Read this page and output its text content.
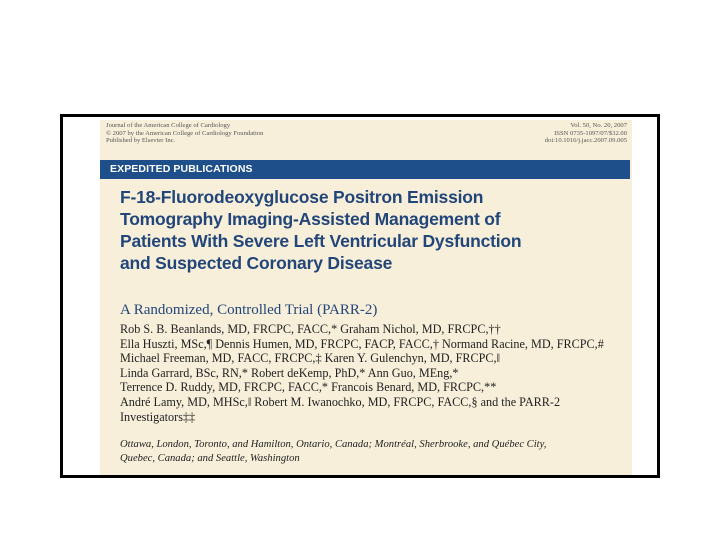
Journal of the American College of Cardiology
© 2007 by the American College of Cardiology Foundation
Published by Elsevier Inc.
Vol. 50, No. 20, 2007
ISSN 0735-1097/07/$32.00
doi:10.1016/j.jacc.2007.09.005
EXPEDITED PUBLICATIONS
F-18-Fluorodeoxyglucose Positron Emission
Tomography Imaging-Assisted Management of
Patients With Severe Left Ventricular Dysfunction
and Suspected Coronary Disease
A Randomized, Controlled Trial (PARR-2)
Rob S. B. Beanlands, MD, FRCPC, FACC,* Graham Nichol, MD, FRCPC,††
Ella Huszti, MSc,¶ Dennis Humen, MD, FRCPC, FACP, FACC,† Normand Racine, MD, FRCPC,#
Michael Freeman, MD, FACC, FRCPC,‡ Karen Y. Gulenchyn, MD, FRCPC,‖
Linda Garrard, BSc, RN,* Robert deKemp, PhD,* Ann Guo, MEng,*
Terrence D. Ruddy, MD, FRCPC, FACC,* Francois Benard, MD, FRCPC,**
André Lamy, MD, MHSc,‖ Robert M. Iwanochko, MD, FRCPC, FACC,§ and the PARR-2
Investigators‡‡
Ottawa, London, Toronto, and Hamilton, Ontario, Canada; Montréal, Sherbrooke, and Québec City,
Quebec, Canada; and Seattle, Washington
